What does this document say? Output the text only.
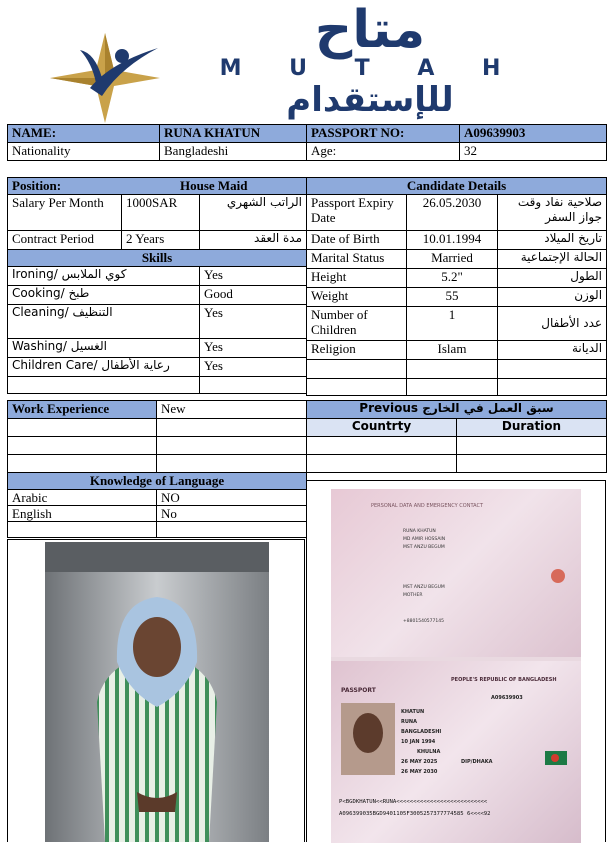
متاح
M U T A H
للإستقدام
NAME:	RUNA KHATUN	PASSPORT NO:	A09639903
Nationality	Bangladeshi	Age:	32
Position:	House Maid	
Salary Per Month	1000SAR	الراتب الشهري
Contract Period	2 Years	مدة العقد
Skills		
Ironing/ كوي الملابس		Yes
Cooking/ طبخ		Good
Cleaning/ التنظيف		Yes
Washing/ الغسيل		Yes
Children Care/ رعاية الأطفال		Yes

Candidate Details		
Passport Expiry Date	26.05.2030	صلاحية نفاد وقت جواز السفر
Date of Birth	10.01.1994	تاريخ الميلاد
Marital Status	Married	الحالة الإجتماعية
Height	5.2"	الطول
Weight	55	الوزن
Number of Children	1	عدد الأطفال
Religion	Islam	الديانة

Work Experience	New

		Previous سبق العمل في الخارج	
Countrty	Duration

Knowledge of Language	
Arabic	NO
English	No
		PERSONAL DATA AND EMERGENCY CONTACT
RUNA KHATUN
MD AMIR HOSSAIN
MST ANZU BEGUM
MST ANZU BEGUM
MOTHER
+8801540577145
PEOPLE'S REPUBLIC OF BANGLADESH
PASSPORT
A09639903
KHATUN
RUNA
BANGLADESHI
10 JAN 1994
KHULNA
26 MAY 2025	DIP/DHAKA
26 MAY 2030
P<BGDKHATUN<<RUNA<<<<<<<<<<<<<<<<<<<<<<<<<<<
A096399035BGD9401105F3005257377774585 6<<<<92
